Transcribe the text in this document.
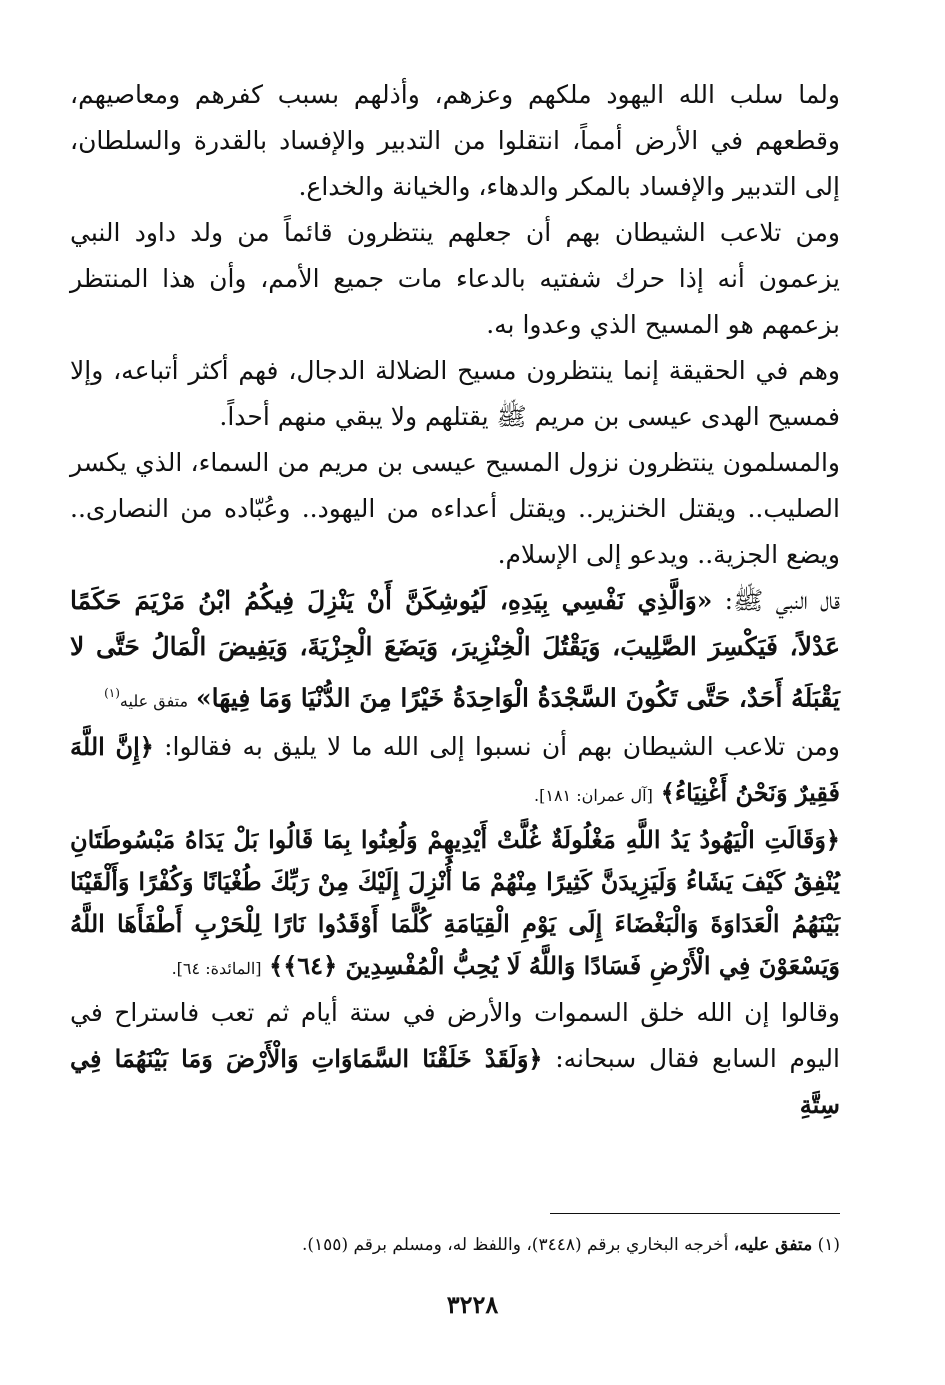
ولما سلب الله اليهود ملكهم وعزهم، وأذلهم بسبب كفرهم ومعاصيهم، وقطعهم في الأرض أمماً، انتقلوا من التدبير والإفساد بالقدرة والسلطان، إلى التدبير والإفساد بالمكر والدهاء، والخيانة والخداع.

ومن تلاعب الشيطان بهم أن جعلهم ينتظرون قائماً من ولد داود النبي يزعمون أنه إذا حرك شفتيه بالدعاء مات جميع الأمم، وأن هذا المنتظر بزعمهم هو المسيح الذي وعدوا به.

وهم في الحقيقة إنما ينتظرون مسيح الضلالة الدجال، فهم أكثر أتباعه، وإلا فمسيح الهدى عيسى بن مريم ﷺ يقتلهم ولا يبقي منهم أحداً.

والمسلمون ينتظرون نزول المسيح عيسى بن مريم من السماء، الذي يكسر الصليب.. ويقتل الخنزير.. ويقتل أعداءه من اليهود.. وعُبّاده من النصارى.. ويضع الجزية.. ويدعو إلى الإسلام.

قال النبي ﷺ: «وَالَّذِي نَفْسِي بِيَدِهِ، لَيُوشِكَنَّ أَنْ يَنْزِلَ فِيكُمُ ابْنُ مَرْيَمَ حَكَمًا عَدْلاً، فَيَكْسِرَ الصَّلِيبَ، وَيَقْتُلَ الْخِنْزِيرَ، وَيَضَعَ الْجِزْيَةَ، وَيَفِيضَ الْمَالُ حَتَّى لا يَقْبَلَهُ أَحَدٌ، حَتَّى تَكُونَ السَّجْدَةُ الْوَاحِدَةُ خَيْرًا مِنَ الدُّنْيَا وَمَا فِيهَا» متفق عليه$^{(١)}$

ومن تلاعب الشيطان بهم أن نسبوا إلى الله ما لا يليق به فقالوا: ﴿إِنَّ اللَّهَ فَقِيرٌ وَنَحْنُ أَغْنِيَاءُ﴾ [آل عمران: ١٨١].

﴿وَقَالَتِ الْيَهُودُ يَدُ اللَّهِ مَغْلُولَةٌ غُلَّتْ أَيْدِيهِمْ وَلُعِنُوا بِمَا قَالُوا بَلْ يَدَاهُ مَبْسُوطَتَانِ يُنْفِقُ كَيْفَ يَشَاءُ وَلَيَزِيدَنَّ كَثِيرًا مِنْهُمْ مَا أُنْزِلَ إِلَيْكَ مِنْ رَبِّكَ طُغْيَانًا وَكُفْرًا وَأَلْقَيْنَا بَيْنَهُمُ الْعَدَاوَةَ وَالْبَغْضَاءَ إِلَى يَوْمِ الْقِيَامَةِ كُلَّمَا أَوْقَدُوا نَارًا لِلْحَرْبِ أَطْفَأَهَا اللَّهُ وَيَسْعَوْنَ فِي الْأَرْضِ فَسَادًا وَاللَّهُ لَا يُحِبُّ الْمُفْسِدِينَ ﴿٦٤﴾﴾ [المائدة: ٦٤].

وقالوا إن الله خلق السموات والأرض في ستة أيام ثم تعب فاستراح في اليوم السابع فقال سبحانه: ﴿وَلَقَدْ خَلَقْنَا السَّمَاوَاتِ وَالْأَرْضَ وَمَا بَيْنَهُمَا فِي سِتَّةِ

(١) متفق عليه، أخرجه البخاري برقم (٣٤٤٨)، واللفظ له، ومسلم برقم (١٥٥).
٣٢٢٨
